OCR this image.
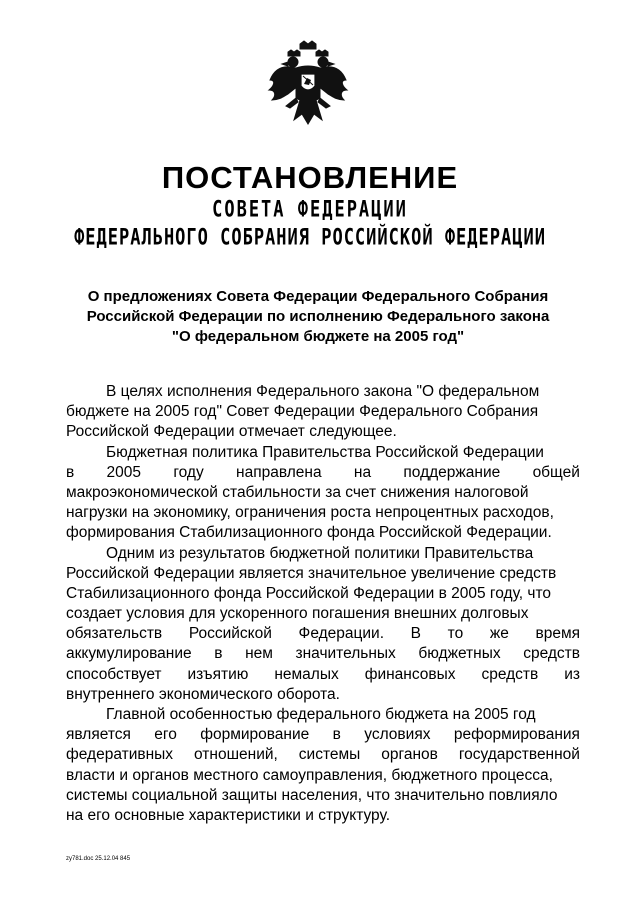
ПОСТАНОВЛЕНИЕ
СОВЕТА ФЕДЕРАЦИИ
ФЕДЕРАЛЬНОГО СОБРАНИЯ РОССИЙСКОЙ ФЕДЕРАЦИИ
О предложениях Совета Федерации Федерального Собрания
Российской Федерации по исполнению Федерального закона
"О федеральном бюджете на 2005 год"
В целях исполнения Федерального закона "О федеральном
бюджете на 2005 год" Совет Федерации Федерального Собрания
Российской Федерации отмечает следующее.
Бюджетная политика Правительства Российской Федерации
в 2005 году направлена на поддержание общей
макроэкономической стабильности за счет снижения налоговой
нагрузки на экономику, ограничения роста непроцентных расходов,
формирования Стабилизационного фонда Российской Федерации.
Одним из результатов бюджетной политики Правительства
Российской Федерации является значительное увеличение средств
Стабилизационного фонда Российской Федерации в 2005 году, что
создает условия для ускоренного погашения внешних долговых
обязательств Российской Федерации. В то же время
аккумулирование в нем значительных бюджетных средств
способствует изъятию немалых финансовых средств из
внутреннего экономического оборота.
Главной особенностью федерального бюджета на 2005 год
является его формирование в условиях реформирования
федеративных отношений, системы органов государственной
власти и органов местного самоуправления, бюджетного процесса,
системы социальной защиты населения, что значительно повлияло
на его основные характеристики и структуру.
zy781.doc 25.12.04 845
